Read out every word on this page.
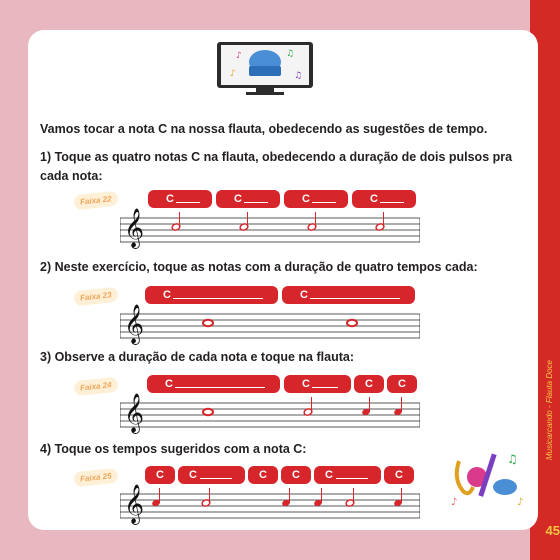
Musicarcando - Flauta Doce
45
♪	♫
♪	♫
Vamos tocar a nota C na nossa flauta, obedecendo as sugestões de tempo.
1) Toque as quatro notas C na flauta, obedecendo a duração de dois pulsos pra
cada nota:
Faixa 22	C	C	C	C
𝄞
2) Neste exercício, toque as notas com a duração de quatro tempos cada:
Faixa 23	C	C
𝄞
3) Observe a duração de cada nota e toque na flauta:
Faixa 24	C	C	C C
𝄞
4) Toque os tempos sugeridos com a nota C:
Faixa 25	C C	C C C	C
𝄞
♫
♪	♪
